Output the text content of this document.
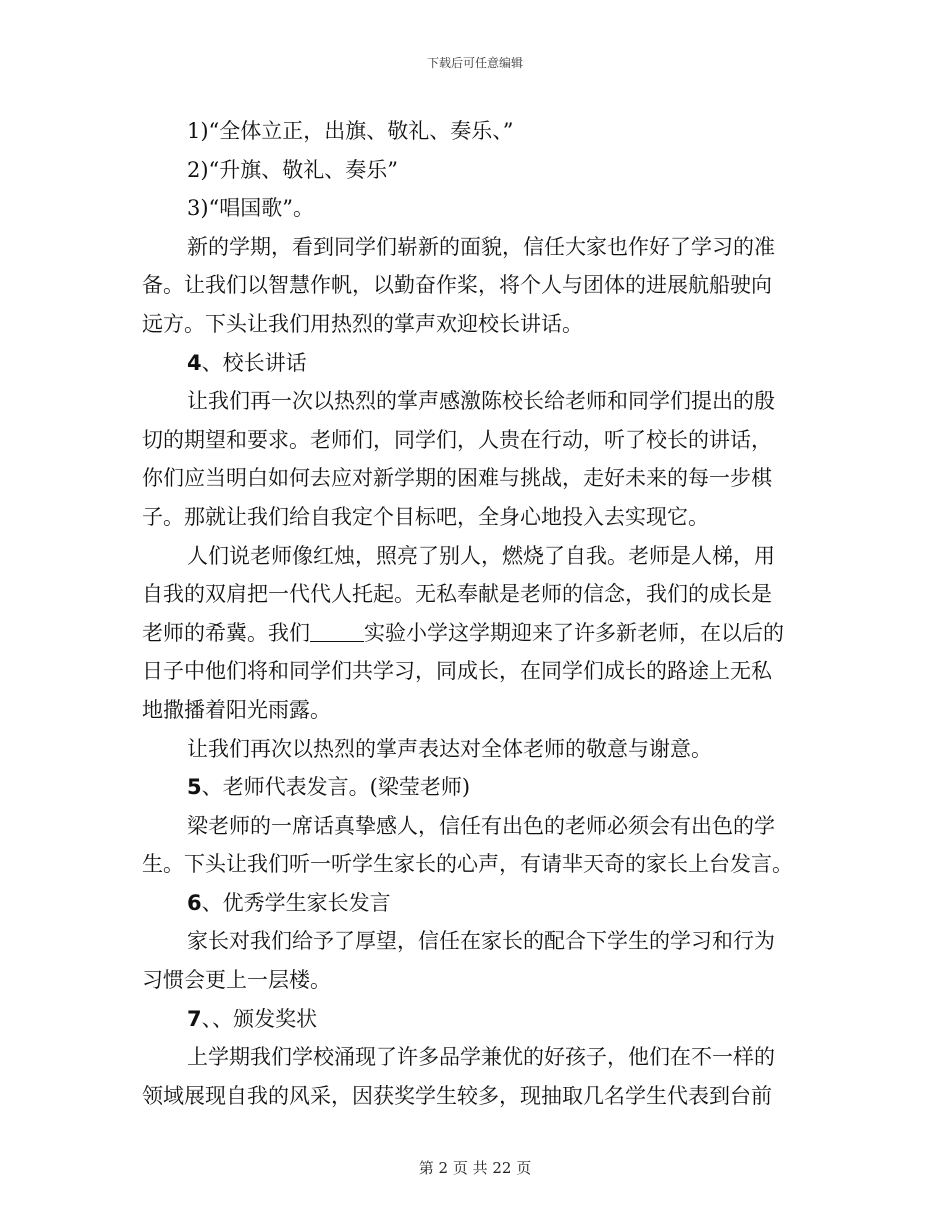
下载后可任意编辑
1)“全体立正，出旗、敬礼、奏乐、”
2)“升旗、敬礼、奏乐”
3)“唱国歌”。
新的学期，看到同学们崭新的面貌，信任大家也作好了学习的准
备。让我们以智慧作帆，以勤奋作桨，将个人与团体的进展航船驶向
远方。下头让我们用热烈的掌声欢迎校长讲话。
4、校长讲话
让我们再一次以热烈的掌声感激陈校长给老师和同学们提出的殷
切的期望和要求。老师们，同学们，人贵在行动，听了校长的讲话，
你们应当明白如何去应对新学期的困难与挑战，走好未来的每一步棋
子。那就让我们给自我定个目标吧，全身心地投入去实现它。
人们说老师像红烛，照亮了别人，燃烧了自我。老师是人梯，用
自我的双肩把一代代人托起。无私奉献是老师的信念，我们的成长是
老师的希冀。我们	实验小学这学期迎来了许多新老师，在以后的
日子中他们将和同学们共学习，同成长，在同学们成长的路途上无私
地撒播着阳光雨露。
让我们再次以热烈的掌声表达对全体老师的敬意与谢意。
5、老师代表发言。(梁莹老师)
梁老师的一席话真挚感人，信任有出色的老师必须会有出色的学
生。下头让我们听一听学生家长的心声，有请芈天奇的家长上台发言。
6、优秀学生家长发言
家长对我们给予了厚望，信任在家长的配合下学生的学习和行为
习惯会更上一层楼。
7、、颁发奖状
上学期我们学校涌现了许多品学兼优的好孩子，他们在不一样的
领域展现自我的风采，因获奖学生较多，现抽取几名学生代表到台前
第 2 页 共 22 页
